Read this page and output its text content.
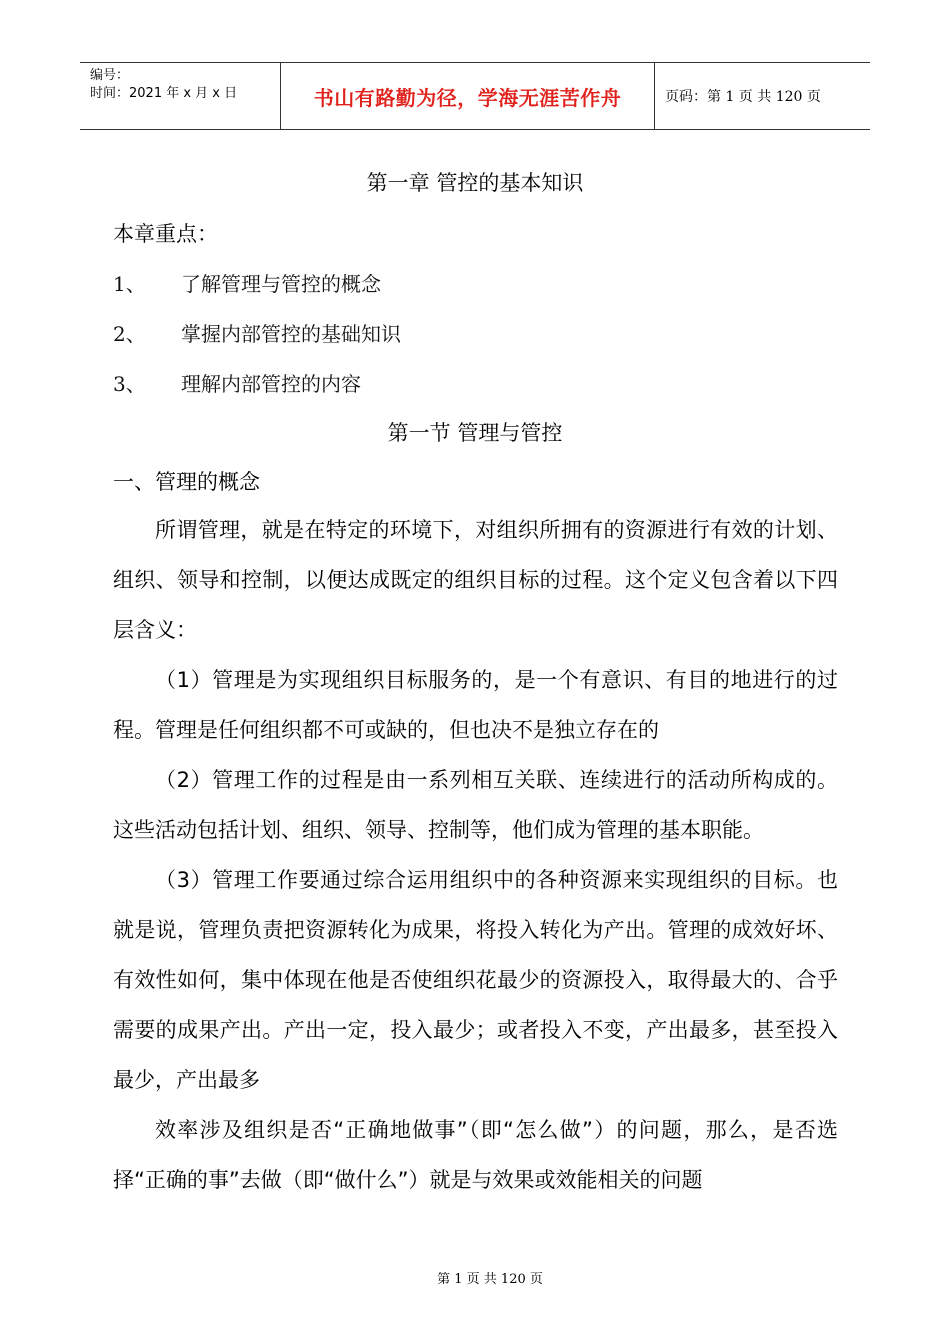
编号：
时间：2021 年 x 月 x 日	书山有路勤为径，学海无涯苦作舟	页码：第 1 页 共 120 页
第一章 管控的基本知识
本章重点：
1、 了解管理与管控的概念
2、 掌握内部管控的基础知识
3、 理解内部管控的内容
第一节 管理与管控
一、管理的概念
所谓管理，就是在特定的环境下，对组织所拥有的资源进行有效的计划、组织、领导和控制，以便达成既定的组织目标的过程。这个定义包含着以下四层含义：
（1）管理是为实现组织目标服务的，是一个有意识、有目的地进行的过程。管理是任何组织都不可或缺的，但也决不是独立存在的
（2）管理工作的过程是由一系列相互关联、连续进行的活动所构成的。这些活动包括计划、组织、领导、控制等，他们成为管理的基本职能。
（3）管理工作要通过综合运用组织中的各种资源来实现组织的目标。也就是说，管理负责把资源转化为成果，将投入转化为产出。管理的成效好坏、有效性如何，集中体现在他是否使组织花最少的资源投入，取得最大的、合乎需要的成果产出。产出一定，投入最少；或者投入不变，产出最多，甚至投入最少，产出最多
效率涉及组织是否“正确地做事”（即“怎么做”）的问题，那么，是否选择“正确的事”去做（即“做什么”）就是与效果或效能相关的问题
第 1 页 共 120 页
